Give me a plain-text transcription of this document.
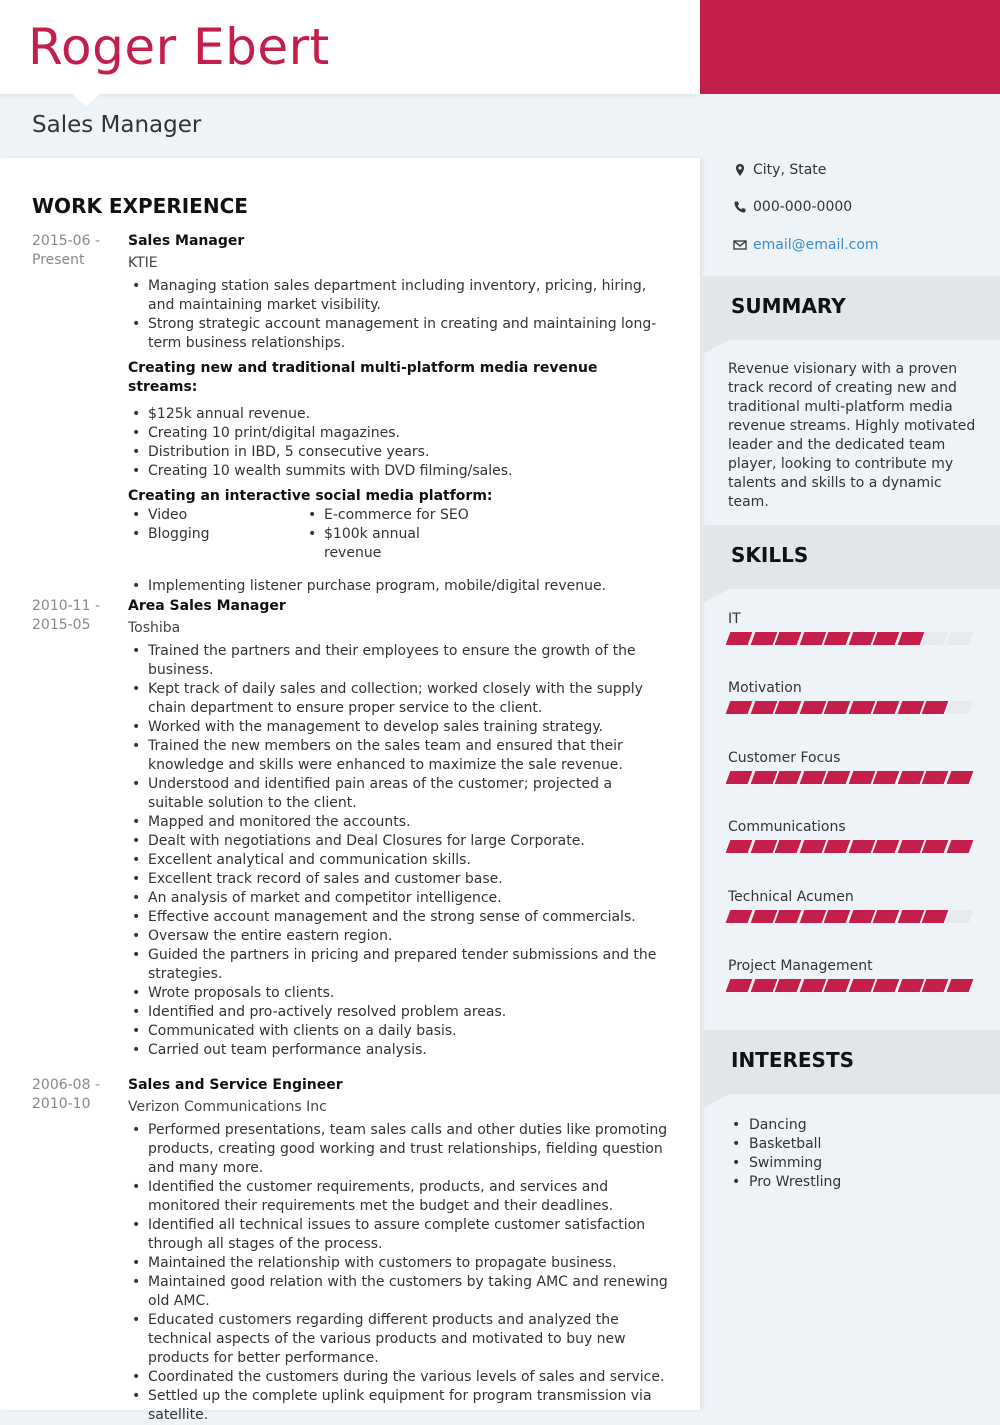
Roger Ebert
Sales Manager
WORK EXPERIENCE
2015-06 -
Present
Sales Manager
KTIE
• Managing station sales department including inventory, pricing, hiring, and maintaining market visibility.
• Strong strategic account management in creating and maintaining long-term business relationships.
Creating new and traditional multi-platform media revenue streams:
• $125k annual revenue.
• Creating 10 print/digital magazines.
• Distribution in IBD, 5 consecutive years.
• Creating 10 wealth summits with DVD filming/sales.
Creating an interactive social media platform:
• Video
• Blogging
• E-commerce for SEO
• $100k annual revenue
• Implementing listener purchase program, mobile/digital revenue.
2010-11 -
2015-05
Area Sales Manager
Toshiba
• Trained the partners and their employees to ensure the growth of the business.
• Kept track of daily sales and collection; worked closely with the supply chain department to ensure proper service to the client.
• Worked with the management to develop sales training strategy.
• Trained the new members on the sales team and ensured that their knowledge and skills were enhanced to maximize the sale revenue.
• Understood and identified pain areas of the customer; projected a suitable solution to the client.
• Mapped and monitored the accounts.
• Dealt with negotiations and Deal Closures for large Corporate.
• Excellent analytical and communication skills.
• Excellent track record of sales and customer base.
• An analysis of market and competitor intelligence.
• Effective account management and the strong sense of commercials.
• Oversaw the entire eastern region.
• Guided the partners in pricing and prepared tender submissions and the strategies.
• Wrote proposals to clients.
• Identified and pro-actively resolved problem areas.
• Communicated with clients on a daily basis.
• Carried out team performance analysis.
2006-08 -
2010-10
Sales and Service Engineer
Verizon Communications Inc
• Performed presentations, team sales calls and other duties like promoting products, creating good working and trust relationships, fielding question and many more.
• Identified the customer requirements, products, and services and monitored their requirements met the budget and their deadlines.
• Identified all technical issues to assure complete customer satisfaction through all stages of the process.
• Maintained the relationship with customers to propagate business.
• Maintained good relation with the customers by taking AMC and renewing old AMC.
• Educated customers regarding different products and analyzed the technical aspects of the various products and motivated to buy new products for better performance.
• Coordinated the customers during the various levels of sales and service.
• Settled up the complete uplink equipment for program transmission via satellite.
City, State
000-000-0000
email@email.com
SUMMARY
Revenue visionary with a proven track record of creating new and traditional multi-platform media revenue streams. Highly motivated leader and the dedicated team player, looking to contribute my talents and skills to a dynamic team.
SKILLS
IT
Motivation
Customer Focus
Communications
Technical Acumen
Project Management
INTERESTS
• Dancing
• Basketball
• Swimming
• Pro Wrestling
